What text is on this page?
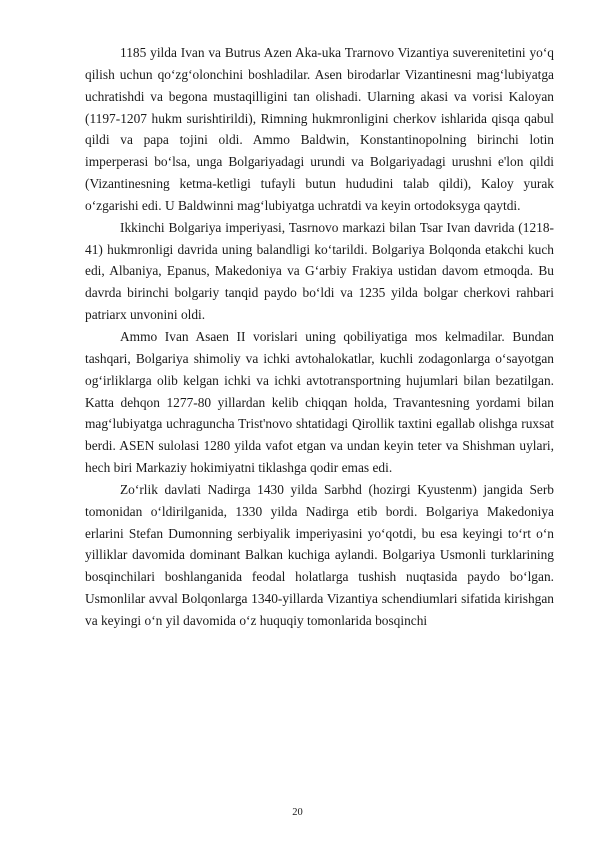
1185 yilda Ivan va Butrus Azen Aka-uka Trarnovo Vizantiya suverenitetini yo‘q qilish uchun qo‘zg‘olonchini boshladilar. Asen birodarlar Vizantinesni mag‘lubiyatga uchratishdi va begona mustaqilligini tan olishadi. Ularning akasi va vorisi Kaloyan (1197-1207 hukm surishtirildi), Rimning hukmronligini cherkov ishlarida qisqa qabul qildi va papa tojini oldi. Ammo Baldwin, Konstantinopolning birinchi lotin imperperasi bo‘lsa, unga Bolgariyadagi urundi va Bolgariyadagi urushni e'lon qildi (Vizantinesning ketma-ketligi tufayli butun hududini talab qildi), Kaloy yurak o‘zgarishi edi. U Baldwinni mag‘lubiyatga uchratdi va keyin ortodoksyga qaytdi.

Ikkinchi Bolgariya imperiyasi, Tasrnovo markazi bilan Tsar Ivan davrida (1218-41) hukmronligi davrida uning balandligi ko‘tarildi. Bolgariya Bolqonda etakchi kuch edi, Albaniya, Epanus, Makedoniya va G‘arbiy Frakiya ustidan davom etmoqda. Bu davrda birinchi bolgariy tanqid paydo bo‘ldi va 1235 yilda bolgar cherkovi rahbari patriarx unvonini oldi.

Ammo Ivan Asaen II vorislari uning qobiliyatiga mos kelmadilar. Bundan tashqari, Bolgariya shimoliy va ichki avtohalokatlar, kuchli zodagonlarga o‘sayotgan og‘irliklarga olib kelgan ichki va ichki avtotransportning hujumlari bilan bezatilgan. Katta dehqon 1277-80 yillardan kelib chiqqan holda, Travantesning yordami bilan mag‘lubiyatga uchraguncha Trist'novo shtatidagi Qirollik taxtini egallab olishga ruxsat berdi. ASEN sulolasi 1280 yilda vafot etgan va undan keyin teter va Shishman uylari, hech biri Markaziy hokimiyatni tiklashga qodir emas edi.

Zo‘rlik davlati Nadirga 1430 yilda Sarbhd (hozirgi Kyustenm) jangida Serb tomonidan o‘ldirilganida, 1330 yilda Nadirga etib bordi. Bolgariya Makedoniya erlarini Stefan Dumonning serbiyalik imperiyasini yo‘qotdi, bu esa keyingi to‘rt o‘n yilliklar davomida dominant Balkan kuchiga aylandi. Bolgariya Usmonli turklarining bosqinchilari boshlanganida feodal holatlarga tushish nuqtasida paydo bo‘lgan. Usmonlilar avval Bolqonlarga 1340-yillarda Vizantiya schendiumlari sifatida kirishgan va keyingi o‘n yil davomida o‘z huquqiy tomonlarida bosqinchi

20
